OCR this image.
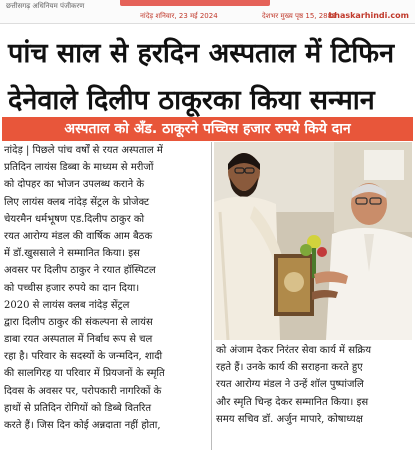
छत्तीसगढ़ अधिनियम पंजीकरण
नांदेड़ शनिवार, 23 मई 2024	देशभर मुख्य पृष्ठ 15, 2881
bhaskarhindi.com
पांच साल से हरदिन अस्पताल में टिफिन
देनेवाले दिलीप ठाकूरका किया सन्मान
अस्पताल को अँड. ठाकूरने पच्चिस हजार रुपये किये दान

नांदेड़ | पिछले पांच वर्षों से रयत अस्पताल में

प्रतिदिन लायंस डिब्बा के माध्यम से मरीजों

को दोपहर का भोजन उपलब्ध कराने के

लिए लायंस क्लब नांदेड़ सेंट्रल के प्रोजेक्ट

चेयरमैन धर्मभूषण एड.दिलीप ठाकुर को

रयत आरोग्य मंडल की वार्षिक आम बैठक

में डॉ.खुससाले ने सम्मानित किया। इस

अवसर पर दिलीप ठाकुर ने रयात हॉस्पिटल

को पच्चीस हजार रुपये का दान दिया।

2020 से लायंस क्लब नांदेड़ सेंट्रल

द्वारा दिलीप ठाकुर की संकल्पना से लायंस

डाबा रयत अस्पताल में निर्बाध रूप से चल

रहा है। परिवार के सदस्यों के जन्मदिन, शादी

की सालगिरह या परिवार में प्रियजनों के स्मृति

दिवस के अवसर पर, परोपकारी नागरिकों के

हाथों से प्रतिदिन रोगियों को डिब्बे वितरित

करते हैं। जिस दिन कोई अन्नदाता नहीं होता,

को अंजाम देकर निरंतर सेवा कार्य में सक्रिय

रहते हैं। उनके कार्य की सराहना करते हुए

रयत आरोग्य मंडल ने उन्हें शॉल पुष्पांजलि

और स्मृति चिन्ह देकर सम्मानित किया। इस

समय सचिव डॉ. अर्जुन मापारे, कोषाध्यक्ष
